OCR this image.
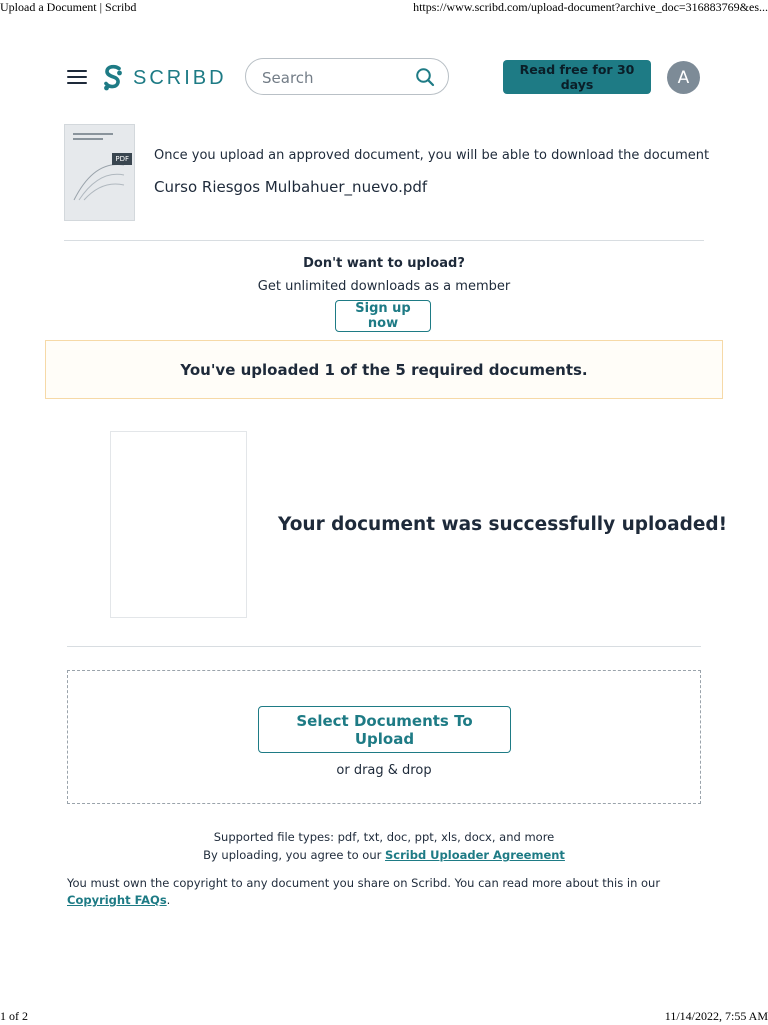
Upload a Document | Scribd	https://www.scribd.com/upload-document?archive_doc=316883769&es...
SCRIBD
Search	Read free for 30 days	A
PDF Once you upload an approved document, you will be able to download the document
Curso Riesgos Mulbahuer_nuevo.pdf
Don't want to upload?
Get unlimited downloads as a member
Sign up now
You've uploaded 1 of the 5 required documents.
Your document was successfully uploaded!
Select Documents To Upload
or drag & drop
Supported file types: pdf, txt, doc, ppt, xls, docx, and more
By uploading, you agree to our Scribd Uploader Agreement
You must own the copyright to any document you share on Scribd. You can read more about this in our Copyright FAQs.
1 of 2	11/14/2022, 7:55 AM
